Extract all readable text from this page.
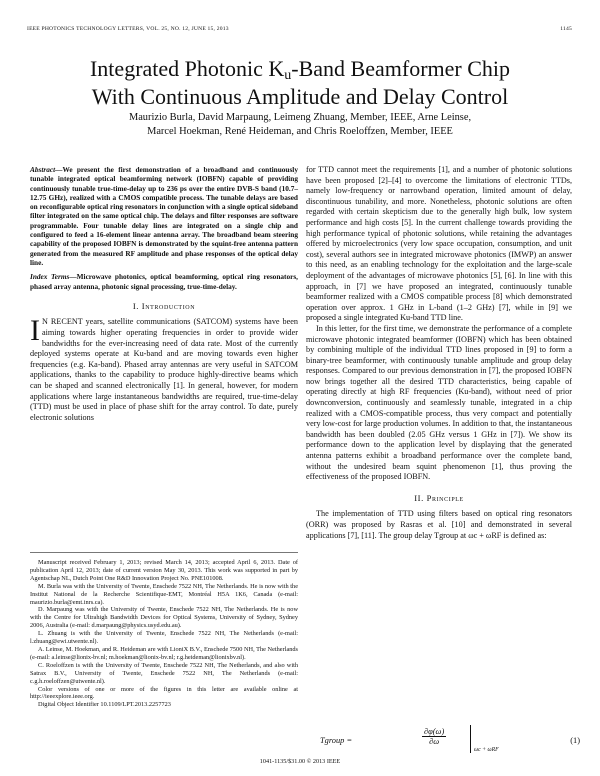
IEEE PHOTONICS TECHNOLOGY LETTERS, VOL. 25, NO. 12, JUNE 15, 2013	1145
Integrated Photonic $K_u$-Band Beamformer Chip
With Continuous Amplitude and Delay Control
Maurizio Burla, David Marpaung, Leimeng Zhuang, Member, IEEE, Arne Leinse,
Marcel Hoekman, René Heideman, and Chris Roeloffzen, Member, IEEE
Abstract—We present the first demonstration of a broadband and continuously tunable integrated optical beamforming network (IOBFN) capable of providing continuously tunable true-time-delay up to 236 ps over the entire DVB-S band (10.7–12.75 GHz), realized with a CMOS compatible process. The tunable delays are based on reconfigurable optical ring resonators in conjunction with a single optical sideband filter integrated on the same optical chip. The delays and filter responses are software programmable. Four tunable delay lines are integrated on a single chip and configured to feed a 16-element linear antenna array. The broadband beam steering capability of the proposed IOBFN is demonstrated by the squint-free antenna pattern generated from the measured RF amplitude and phase responses of the optical delay line.
Index Terms—Microwave photonics, optical beamforming, optical ring resonators, phased array antenna, photonic signal processing, true-time-delay.
I. Introduction

I N RECENT years, satellite communications (SATCOM) systems have been aiming towards higher operating frequencies in order to provide wider bandwidths for the ever-increasing need of data rate. Most of the currently deployed systems operate at Ku-band and are moving towards even higher frequencies (e.g. Ka-band). Phased array antennas are very useful in SATCOM applications, thanks to the capability to produce highly-directive beams which can be shaped and scanned electronically [1]. In general, however, for modern applications where large instantaneous bandwidths are required, true-time-delay (TTD) must be used in place of phase shift for the array control. To date, purely electronic solutions

Manuscript received February 1, 2013; revised March 14, 2013; accepted April 6, 2013. Date of publication April 12, 2013; date of current version May 30, 2013. This work was supported in part by Agentschap NL, Dutch Point One R&D Innovation Project No. PNE101008.
M. Burla was with the University of Twente, Enschede 7522 NH, The Netherlands. He is now with the Institut National de la Recherche Scientifique-EMT, Montréal H5A 1K6, Canada (e-mail: maurizio.burla@emt.inrs.ca).
D. Marpaung was with the University of Twente, Enschede 7522 NH, The Netherlands. He is now with the Centre for Ultrahigh Bandwidth Devices for Optical Systems, University of Sydney, Sydney 2006, Australia (e-mail: d.marpaung@physics.usyd.edu.au).
L. Zhuang is with the University of Twente, Enschede 7522 NH, The Netherlands (e-mail: l.zhuang@ewi.utwente.nl).
A. Leinse, M. Hoekman, and R. Heideman are with LioniX B.V., Enschede 7500 NH, The Netherlands (e-mail: a.leinse@lionix-bv.nl; m.hoekman@lionix-bv.nl; r.g.heideman@lionixbv.nl).
C. Roeloffzen is with the University of Twente, Enschede 7522 NH, The Netherlands, and also with Satrax B.V., University of Twente, Enschede 7522 NH, The Netherlands (e-mail: c.g.h.roeloffzen@utwente.nl).
Color versions of one or more of the figures in this letter are available online at http://ieeexplore.ieee.org.
Digital Object Identifier 10.1109/LPT.2013.2257723

for TTD cannot meet the requirements [1], and a number of photonic solutions have been proposed [2]–[4] to overcome the limitations of electronic TTDs, namely low-frequency or narrowband operation, limited amount of delay, discontinuous tunability, and more. Nonetheless, photonic solutions are often regarded with certain skepticism due to the generally high bulk, low system performance and high costs [5]. In the current challenge towards providing the high performance typical of photonic solutions, while retaining the advantages offered by microelectronics (very low space occupation, consumption, and unit cost), several authors see in integrated microwave photonics (IMWP) an answer to this need, as an enabling technology for the exploitation and the large-scale deployment of the advantages of microwave photonics [5], [6]. In line with this approach, in [7] we have proposed an integrated, continuously tunable beamformer realized with a CMOS compatible process [8] which demonstrated operation over approx. 1 GHz in L-band (1–2 GHz) [7], while in [9] we proposed a single integrated Ku-band TTD line.

In this letter, for the first time, we demonstrate the performance of a complete microwave photonic integrated beamformer (IOBFN) which has been obtained by combining multiple of the individual TTD lines proposed in [9] to form a binary-tree beamformer, with continuously tunable amplitude and group delay responses. Compared to our previous demonstration in [7], the proposed IOBFN now brings together all the desired TTD characteristics, being capable of operating directly at high RF frequencies (Ku-band), without need of prior downconversion, continuously and seamlessly tunable, integrated in a chip realized with a CMOS-compatible process, thus very compact and potentially very low-cost for large production volumes. In addition to that, the instantaneous bandwidth has been doubled (2.05 GHz versus 1 GHz in [7]). We show its performance down to the application level by displaying that the generated antenna patterns exhibit a broadband performance over the complete band, without the undesired beam squint phenomenon [1], thus proving the effectiveness of the proposed IOBFN.

II. Principle

The implementation of TTD using filters based on optical ring resonators (ORR) was proposed by Rasras et al. [10] and demonstrated in several applications [7], [11]. The group delay Tgroup at ωc + ωRF is defined as:

Tgroup =	$\frac{\partial\varphi(\omega)}{\partial\omega}$
ωc + ωRF
(1)
1041-1135/$31.00 © 2013 IEEE
